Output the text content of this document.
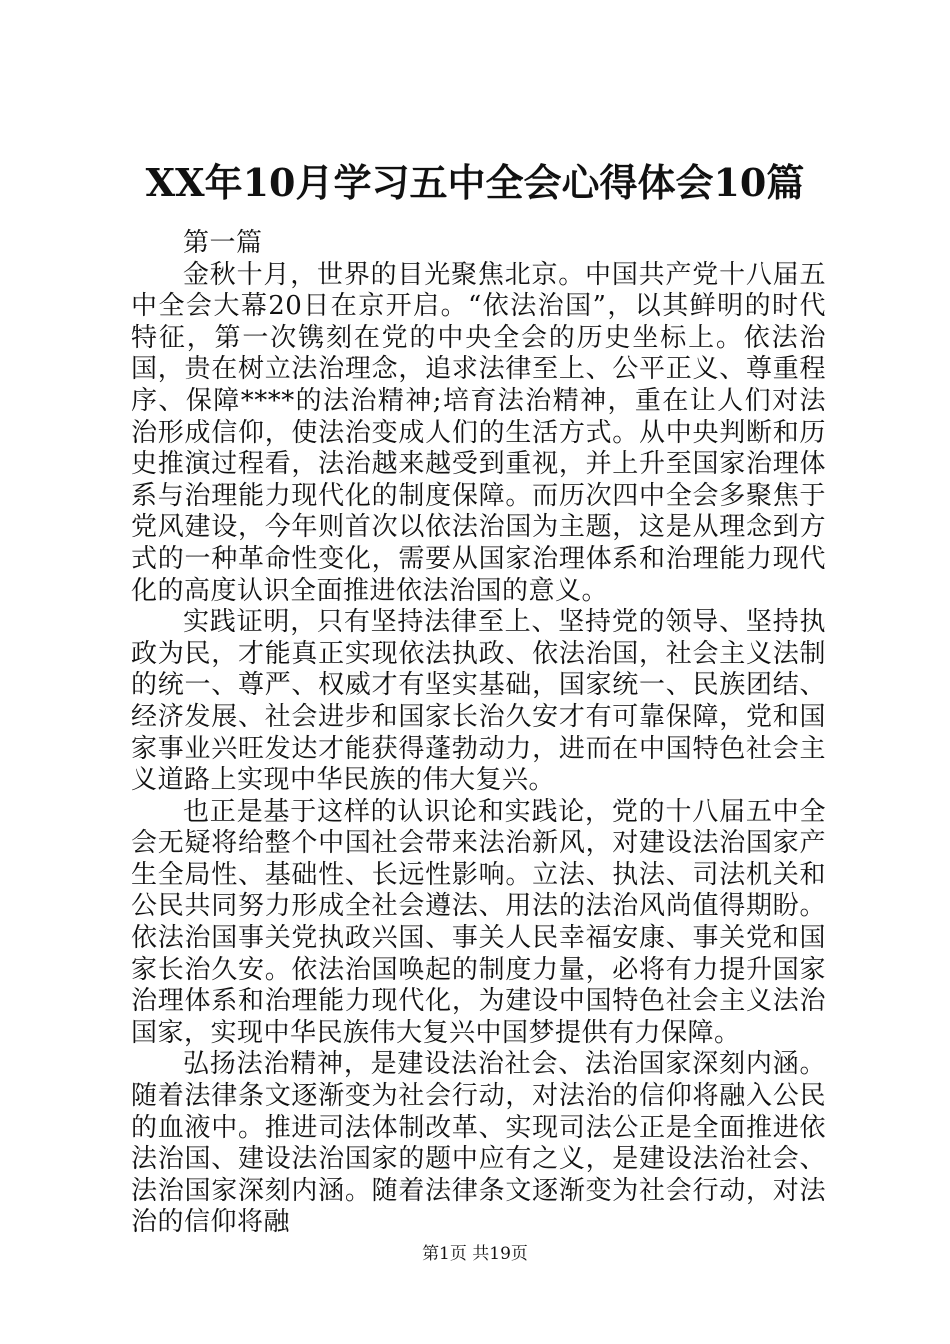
XX年10月学习五中全会心得体会10篇

第一篇

金秋十月，世界的目光聚焦北京。中国共产党十八届五中全会大幕20日在京开启。“依法治国”，以其鲜明的时代特征，第一次镌刻在党的中央全会的历史坐标上。依法治国，贵在树立法治理念，追求法律至上、公平正义、尊重程序、保障****的法治精神;培育法治精神，重在让人们对法治形成信仰，使法治变成人们的生活方式。从中央判断和历史推演过程看，法治越来越受到重视，并上升至国家治理体系与治理能力现代化的制度保障。而历次四中全会多聚焦于党风建设，今年则首次以依法治国为主题，这是从理念到方式的一种革命性变化，需要从国家治理体系和治理能力现代化的高度认识全面推进依法治国的意义。

实践证明，只有坚持法律至上、坚持党的领导、坚持执政为民，才能真正实现依法执政、依法治国，社会主义法制的统一、尊严、权威才有坚实基础，国家统一、民族团结、经济发展、社会进步和国家长治久安才有可靠保障，党和国家事业兴旺发达才能获得蓬勃动力，进而在中国特色社会主义道路上实现中华民族的伟大复兴。

也正是基于这样的认识论和实践论，党的十八届五中全会无疑将给整个中国社会带来法治新风，对建设法治国家产生全局性、基础性、长远性影响。立法、执法、司法机关和公民共同努力形成全社会遵法、用法的法治风尚值得期盼。依法治国事关党执政兴国、事关人民幸福安康、事关党和国家长治久安。依法治国唤起的制度力量，必将有力提升国家治理体系和治理能力现代化，为建设中国特色社会主义法治国家，实现中华民族伟大复兴中国梦提供有力保障。

弘扬法治精神，是建设法治社会、法治国家深刻内涵。随着法律条文逐渐变为社会行动，对法治的信仰将融入公民的血液中。推进司法体制改革、实现司法公正是全面推进依法治国、建设法治国家的题中应有之义，是建设法治社会、法治国家深刻内涵。随着法律条文逐渐变为社会行动，对法治的信仰将融

第1页 共19页
